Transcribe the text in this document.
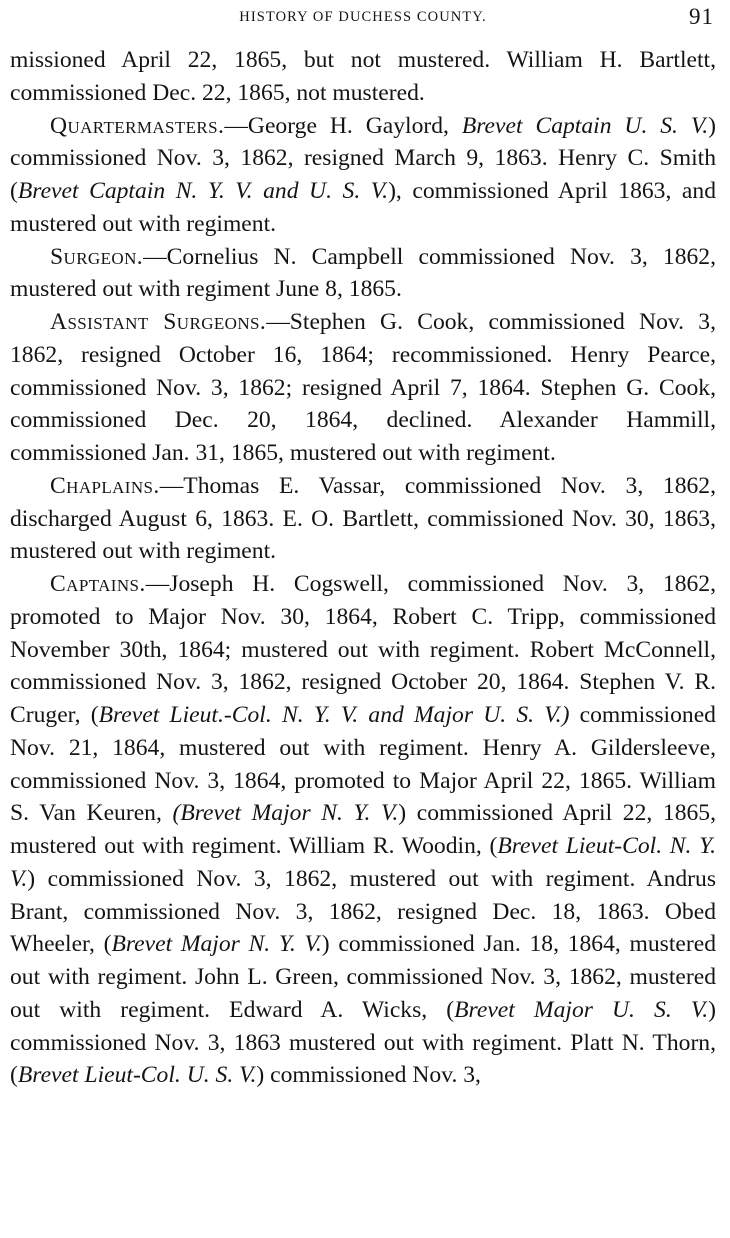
HISTORY OF DUCHESS COUNTY.	91

missioned April 22, 1865, but not mustered. William H. Bartlett, commissioned Dec. 22, 1865, not mustered.

Quartermasters.—George H. Gaylord, Brevet Captain U. S. V.) commissioned Nov. 3, 1862, resigned March 9, 1863. Henry C. Smith (Brevet Captain N. Y. V. and U. S. V.), commissioned April 1863, and mustered out with regiment.

Surgeon.—Cornelius N. Campbell commissioned Nov. 3, 1862, mustered out with regiment June 8, 1865.

Assistant Surgeons.—Stephen G. Cook, commissioned Nov. 3, 1862, resigned October 16, 1864; recommissioned. Henry Pearce, commissioned Nov. 3, 1862; resigned April 7, 1864. Stephen G. Cook, commissioned Dec. 20, 1864, declined. Alexander Hammill, commissioned Jan. 31, 1865, mustered out with regiment.

Chaplains.—Thomas E. Vassar, commissioned Nov. 3, 1862, discharged August 6, 1863. E. O. Bartlett, commissioned Nov. 30, 1863, mustered out with regiment.

Captains.—Joseph H. Cogswell, commissioned Nov. 3, 1862, promoted to Major Nov. 30, 1864, Robert C. Tripp, commissioned November 30th, 1864; mustered out with regiment. Robert McConnell, commissioned Nov. 3, 1862, resigned October 20, 1864. Stephen V. R. Cruger, (Brevet Lieut.-Col. N. Y. V. and Major U. S. V.) commissioned Nov. 21, 1864, mustered out with regiment. Henry A. Gildersleeve, commissioned Nov. 3, 1864, promoted to Major April 22, 1865. William S. Van Keuren, (Brevet Major N. Y. V.) commissioned April 22, 1865, mustered out with regiment. William R. Woodin, (Brevet Lieut-Col. N. Y. V.) commissioned Nov. 3, 1862, mustered out with regiment. Andrus Brant, commissioned Nov. 3, 1862, resigned Dec. 18, 1863. Obed Wheeler, (Brevet Major N. Y. V.) commissioned Jan. 18, 1864, mustered out with regiment. John L. Green, commissioned Nov. 3, 1862, mustered out with regiment. Edward A. Wicks, (Brevet Major U. S. V.) commissioned Nov. 3, 1863 mustered out with regiment. Platt N. Thorn, (Brevet Lieut-Col. U. S. V.) commissioned Nov. 3,
